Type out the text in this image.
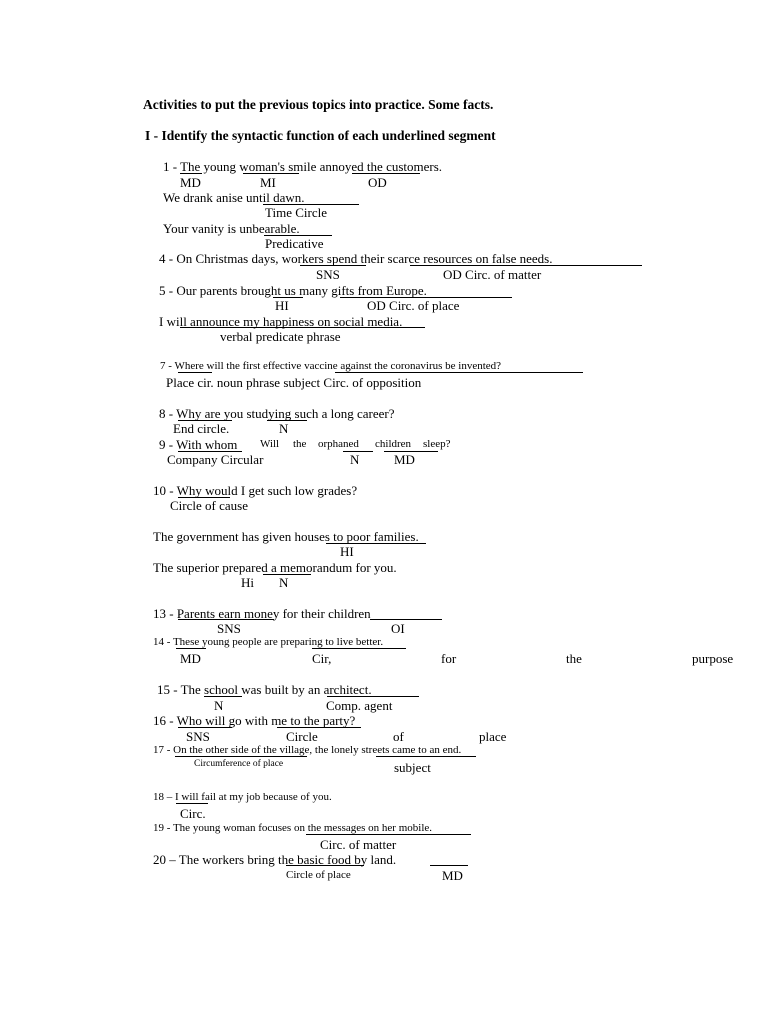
Activities to put the previous topics into practice. Some facts.
I - Identify the syntactic function of each underlined segment
1 - The young woman's smile annoyed the customers.
MD	MI	OD
We drank anise until dawn.
Time Circle
Your vanity is unbearable.
Predicative
4 - On Christmas days, workers spend their scarce resources on false needs.
SNS	OD Circ. of matter
5 - Our parents brought us many gifts from Europe.
HI	OD Circ. of place
I will announce my happiness on social media.
verbal predicate phrase
7 - Where will the first effective vaccine against the coronavirus be invented?
Place cir. noun phrase subject Circ. of opposition
8 - Why are you studying such a long career?
End circle.	N
9 - With whom Will the orphaned children sleep?
Company Circular	N	MD
10 - Why would I get such low grades?
Circle of cause
The government has given houses to poor families.
HI
The superior prepared a memorandum for you.
Hi N
13 - Parents earn money for their children
SNS	OI
14 - These young people are preparing to live better.
MD	Cir,	for	the	purpose
15 - The school was built by an architect.
N	Comp. agent
16 - Who will go with me to the party?
SNS	Circle	of	place
17 - On the other side of the village, the lonely streets came to an end.
Circumference of place	subject
18 – I will fail at my job because of you.
Circ.
19 - The young woman focuses on the messages on her mobile.
Circ. of matter
20 – The workers bring the basic food by land.
Circle of place	MD
